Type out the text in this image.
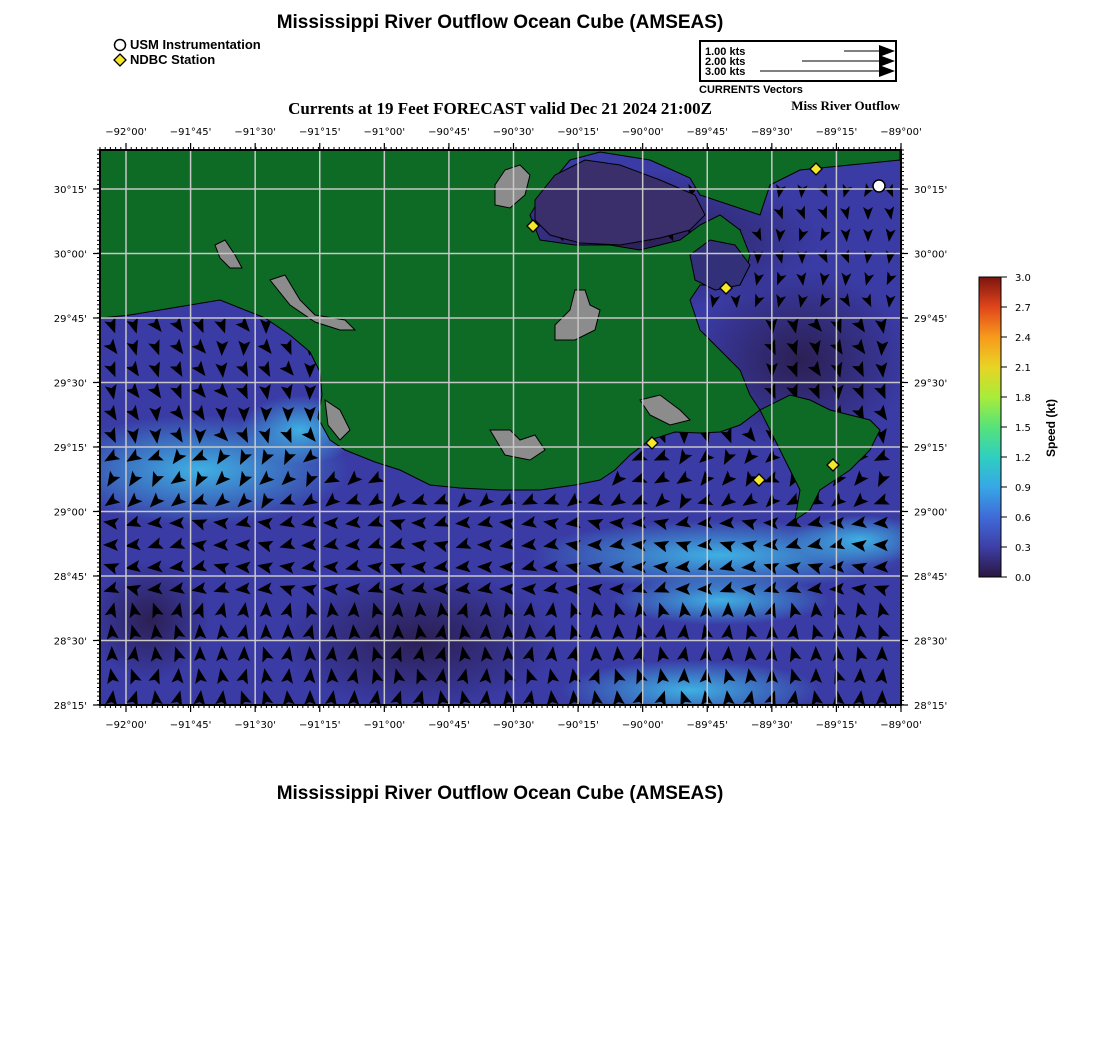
Mississippi River Outflow Ocean Cube (AMSEAS)
USM Instrumentation
NDBC Station	1.00 kts
2.00 kts
3.00 kts
CURRENTS Vectors
Currents at 19 Feet FORECAST valid Dec 21 2024 21:00Z	Miss River Outflow
−92°00'
−92°00'
−91°45'
−91°45'
−91°30'
−91°30'
−91°15'
−91°15'
−91°00'
−91°00'
−90°45'
−90°45'
−90°30'
−90°30'
−90°15'
−90°15'
−90°00'
−90°00'
−89°45'
−89°45'
−89°30'
−89°30'
−89°15'
−89°15'
−89°00'
−89°00'
30°15'	30°15'
30°00'	30°00'
29°45'	29°45'
29°30'	29°30'
29°15'	29°15'
29°00'	29°00'
28°45'	28°45'
28°30'	28°30'
28°15'	28°15'
3.0
2.7
2.4
2.1
1.8
1.5
1.2
0.9
0.6
0.3
0.0
Speed (kt)
Mississippi River Outflow Ocean Cube (AMSEAS)
